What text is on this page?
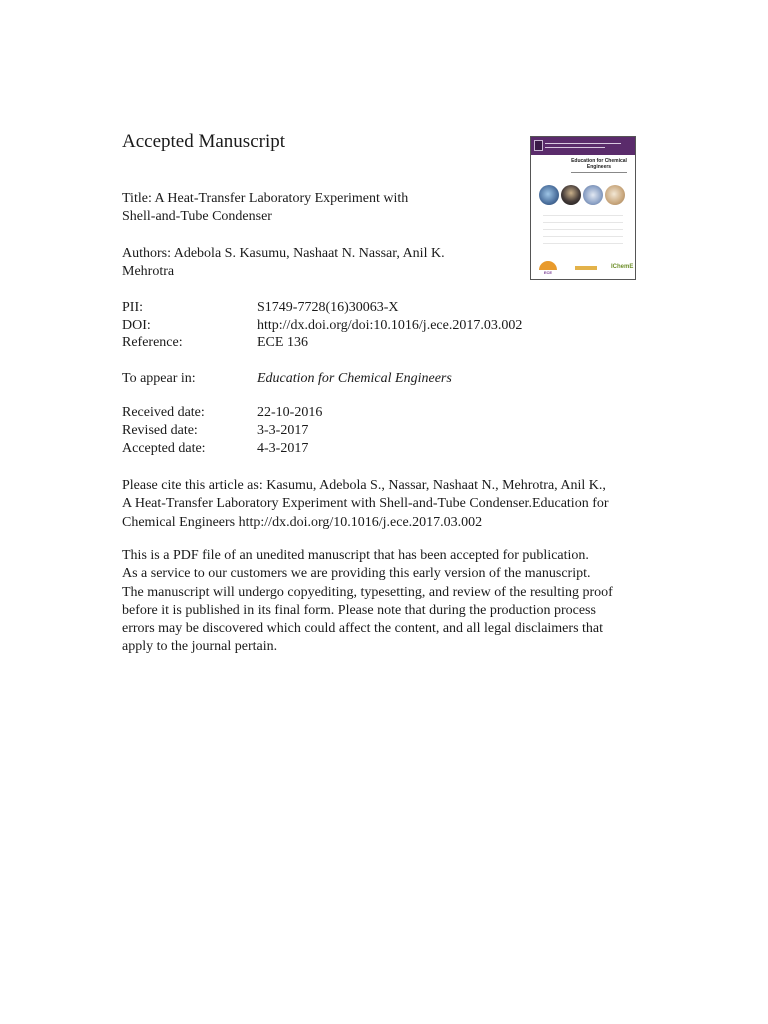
Accepted Manuscript
Education for Chemical Engineers
ECE
IChemE
Title: A Heat-Transfer Laboratory Experiment with
Shell-and-Tube Condenser
Authors: Adebola S. Kasumu, Nashaat N. Nassar, Anil K.
Mehrotra
PII:	S1749-7728(16)30063-X
DOI:	http://dx.doi.org/doi:10.1016/j.ece.2017.03.002
Reference:	ECE 136
To appear in:	Education for Chemical Engineers
Received date:	22-10-2016
Revised date:	3-3-2017
Accepted date:	4-3-2017
Please cite this article as: Kasumu, Adebola S., Nassar, Nashaat N., Mehrotra, Anil K.,
A Heat-Transfer Laboratory Experiment with Shell-and-Tube Condenser.Education for
Chemical Engineers http://dx.doi.org/10.1016/j.ece.2017.03.002
This is a PDF file of an unedited manuscript that has been accepted for publication.
As a service to our customers we are providing this early version of the manuscript.
The manuscript will undergo copyediting, typesetting, and review of the resulting proof
before it is published in its final form. Please note that during the production process
errors may be discovered which could affect the content, and all legal disclaimers that
apply to the journal pertain.
